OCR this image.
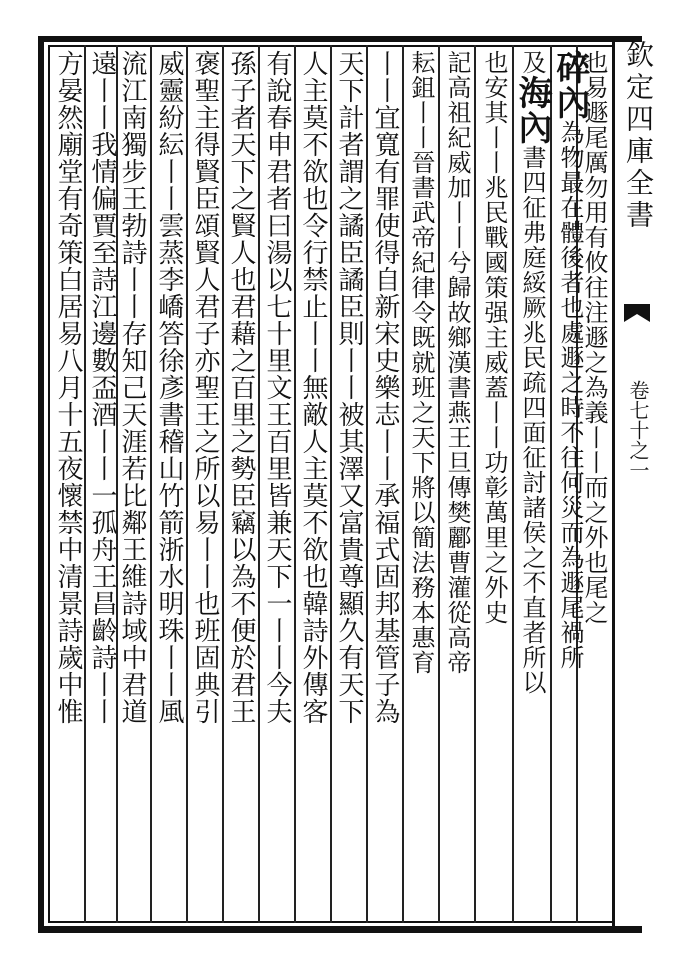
欽定四庫全書
卷七十之一
也易遯尾厲勿用有攸往注遯之為義丨丨而之外也尾之
碎內為物最在體後者也處遯之時不往何災而為遯尾禍所
及海內書四征弗庭綏厥兆民疏四面征討諸侯之不直者所以
也安其丨丨兆民戰國策强主威蓋丨丨功彰萬里之外史
記高祖紀威加丨丨兮歸故鄉漢書燕王旦傳樊酈曹灌從高帝
耘鉏丨丨晉書武帝紀律令既就班之天下將以簡法務本惠育
丨丨宜寬有罪使得自新宋史樂志丨丨承福式固邦基管子為
天下計者謂之譎臣譎臣則丨丨被其澤又富貴尊顯久有天下
人主莫不欲也令行禁止丨丨無敵人主莫不欲也韓詩外傳客
有說春申君者曰湯以七十里文王百里皆兼天下一丨丨今夫
孫子者天下之賢人也君藉之百里之勢臣竊以為不便於君王
褒聖主得賢臣頌賢人君子亦聖王之所以易丨丨也班固典引
威靈紛紜丨丨雲蒸李嶠答徐彥書稽山竹箭浙水明珠丨丨風
流江南獨步王勃詩丨丨存知己天涯若比鄰王維詩域中君道
遠丨丨我情偏賈至詩江邊數盃酒丨丨一孤舟王昌齡詩丨丨
方晏然廟堂有奇策白居易八月十五夜懷禁中清景詩歲中惟
